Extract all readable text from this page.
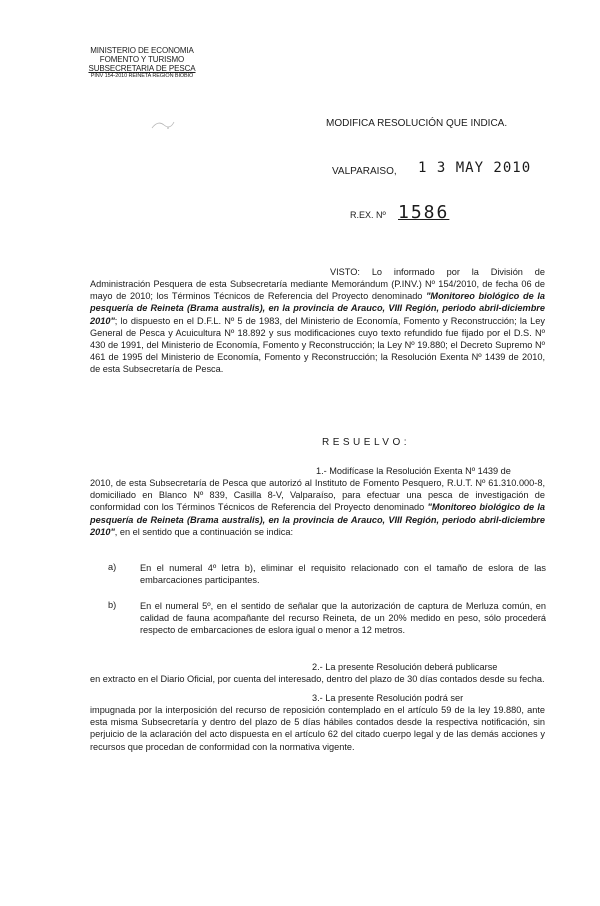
MINISTERIO DE ECONOMIA
FOMENTO Y TURISMO
SUBSECRETARIA DE PESCA
PINV 154-2010 REINETA REGION BIOBIO
MODIFICA RESOLUCIÓN QUE INDICA.
VALPARAISO, 1 3 MAY 2010
R.EX. Nº 1586

VISTO: Lo informado por la División de Administración Pesquera de esta Subsecretaría mediante Memorándum (P.INV.) Nº 154/2010, de fecha 06 de mayo de 2010; los Términos Técnicos de Referencia del Proyecto denominado "Monitoreo biológico de la pesquería de Reineta (Brama australis), en la provincia de Arauco, VIII Región, periodo abril-diciembre 2010"; lo dispuesto en el D.F.L. Nº 5 de 1983, del Ministerio de Economía, Fomento y Reconstrucción; la Ley General de Pesca y Acuicultura Nº 18.892 y sus modificaciones cuyo texto refundido fue fijado por el D.S. Nº 430 de 1991, del Ministerio de Economía, Fomento y Reconstrucción; la Ley Nº 19.880; el Decreto Supremo Nº 461 de 1995 del Ministerio de Economía, Fomento y Reconstrucción; la Resolución Exenta Nº 1439 de 2010, de esta Subsecretaría de Pesca.

RESUELVO:

1.- Modifícase la Resolución Exenta Nº 1439 de
2010, de esta Subsecretaría de Pesca que autorizó al Instituto de Fomento Pesquero, R.U.T. Nº 61.310.000-8, domiciliado en Blanco Nº 839, Casilla 8-V, Valparaíso, para efectuar una pesca de investigación de conformidad con los Términos Técnicos de Referencia del Proyecto denominado "Monitoreo biológico de la pesquería de Reineta (Brama australis), en la provincia de Arauco, VIII Región, periodo abril-diciembre 2010", en el sentido que a continuación se indica:

a)	En el numeral 4º letra b), eliminar el requisito relacionado con el tamaño de eslora de las embarcaciones participantes.

b)	En el numeral 5º, en el sentido de señalar que la autorización de captura de Merluza común, en calidad de fauna acompañante del recurso Reineta, de un 20% medido en peso, sólo procederá respecto de embarcaciones de eslora igual o menor a 12 metros.

2.- La presente Resolución deberá publicarse
en extracto en el Diario Oficial, por cuenta del interesado, dentro del plazo de 30 días contados desde su fecha.

3.- La presente Resolución podrá ser
impugnada por la interposición del recurso de reposición contemplado en el artículo 59 de la ley 19.880, ante esta misma Subsecretaría y dentro del plazo de 5 días hábiles contados desde la respectiva notificación, sin perjuicio de la aclaración del acto dispuesta en el artículo 62 del citado cuerpo legal y de las demás acciones y recursos que procedan de conformidad con la normativa vigente.
